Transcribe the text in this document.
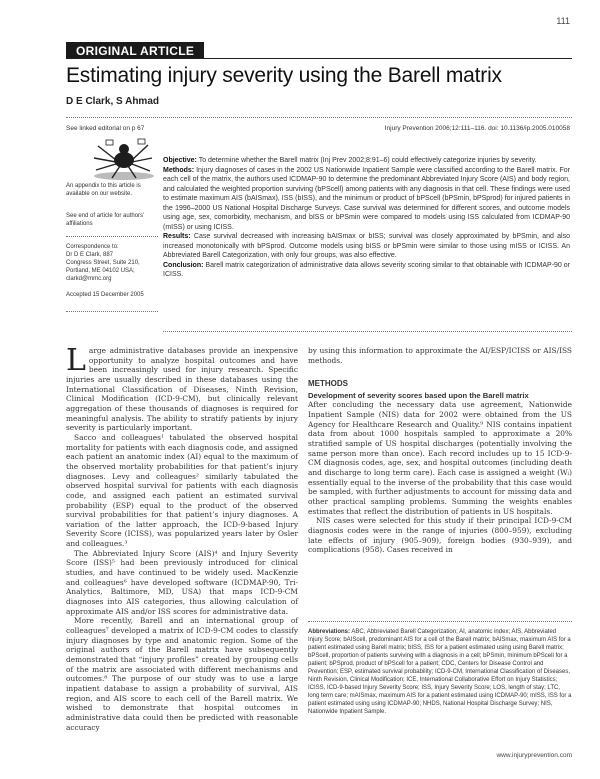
111
ORIGINAL ARTICLE
Estimating injury severity using the Barell matrix
D E Clark, S Ahmad
See linked editorial on p 67	Injury Prevention 2006;12:111–116. doi: 10.1136/ip.2005.010058
An appendix to this article is available on our website.
See end of article for authors’ affiliations
Correspondence to:
Dr D E Clark, 887
Congress Street, Suite 210,
Portland, ME 04102 USA;
clarkd@mmc.org
Accepted 15 December 2005

Objective: To determine whether the Barell matrix (Inj Prev 2002;8:91–6) could effectively categorize injuries by severity.

Methods: Injury diagnoses of cases in the 2002 US Nationwide Inpatient Sample were classified according to the Barell matrix. For each cell of the matrix, the authors used ICDMAP-90 to determine the predominant Abbreviated Injury Score (AIS) and body region, and calculated the weighted proportion surviving (bPScell) among patients with any diagnosis in that cell. These findings were used to estimate maximum AIS (bAISmax), ISS (bISS), and the minimum or product of bPScell (bPSmin, bPSprod) for injured patients in the 1996–2000 US National Hospital Discharge Surveys. Case survival was determined for different scores, and outcome models using age, sex, comorbidity, mechanism, and bISS or bPSmin were compared to models using ISS calculated from ICDMAP-90 (mISS) or using ICISS.

Results: Case survival decreased with increasing bAISmax or bISS; survival was closely approximated by bPSmin, and also increased monotonically with bPSprod. Outcome models using bISS or bPSmin were similar to those using mISS or ICISS. An Abbreviated Barell Categorization, with only four groups, was also effective.

Conclusion: Barell matrix categorization of administrative data allows severity scoring similar to that obtainable with ICDMAP-90 or ICISS.

Large administrative databases provide an inexpensive opportunity to analyze hospital outcomes and have been increasingly used for injury research. Specific injuries are usually described in these databases using the International Classification of Diseases, Ninth Revision, Clinical Modification (ICD-9-CM), but clinically relevant aggregation of these thousands of diagnoses is required for meaningful analysis. The ability to stratify patients by injury severity is particularly important.

Sacco and colleagues¹ tabulated the observed hospital mortality for patients with each diagnosis code, and assigned each patient an anatomic index (AI) equal to the maximum of the observed mortality probabilities for that patient’s injury diagnoses. Levy and colleagues² similarly tabulated the observed hospital survival for patients with each diagnosis code, and assigned each patient an estimated survival probability (ESP) equal to the product of the observed survival probabilities for that patient’s injury diagnoses. A variation of the latter approach, the ICD-9-based Injury Severity Score (ICISS), was popularized years later by Osler and colleagues.³

The Abbreviated Injury Score (AIS)⁴ and Injury Severity Score (ISS)⁵ had been previously introduced for clinical studies, and have continued to be widely used. MacKenzie and colleagues⁶ have developed software (ICDMAP-90, Tri-Analytics, Baltimore, MD, USA) that maps ICD-9-CM diagnoses into AIS categories, thus allowing calculation of approximate AIS and/or ISS scores for administrative data.

More recently, Barell and an international group of colleagues⁷ developed a matrix of ICD-9-CM codes to classify injury diagnoses by type and anatomic region. Some of the original authors of the Barell matrix have subsequently demonstrated that “injury profiles” created by grouping cells of the matrix are associated with different mechanisms and outcomes.⁸ The purpose of our study was to use a large inpatient database to assign a probability of survival, AIS region, and AIS score to each cell of the Barell matrix. We wished to demonstrate that hospital outcomes in administrative data could then be predicted with reasonable accuracy

by using this information to approximate the AI/ESP/ICISS or AIS/ISS methods.

METHODS
Development of severity scores based upon the Barell matrix

After concluding the necessary data use agreement, Nationwide Inpatient Sample (NIS) data for 2002 were obtained from the US Agency for Healthcare Research and Quality.⁹ NIS contains inpatient data from about 1000 hospitals sampled to approximate a 20% stratified sample of US hospital discharges (potentially involving the same person more than once). Each record includes up to 15 ICD-9-CM diagnosis codes, age, sex, and hospital outcomes (including death and discharge to long term care). Each case is assigned a weight (Wᵢ) essentially equal to the inverse of the probability that this case would be sampled, with further adjustments to account for missing data and other practical sampling problems. Summing the weights enables estimates that reflect the distribution of patients in US hospitals.

NIS cases were selected for this study if their principal ICD-9-CM diagnosis codes were in the range of injuries (800–959), excluding late effects of injury (905–909), foreign bodies (930–939), and complications (958). Cases received in

Abbreviations: ABC, Abbreviated Barell Categorization; AI, anatomic index; AIS, Abbreviated Injury Score; bAIScell, predominant AIS for a cell of the Barell matrix; bAISmax, maximum AIS for a patient estimated using Barell matrix; bISS, ISS for a patient estimated using using Barell matrix; bPScell, proportion of patients surviving with a diagnosis in a cell; bPSmin, minimum bPScell for a patient; bPSprod, product of bPScell for a patient; CDC, Centers for Disease Control and Prevention; ESP, estimated survival probability; ICD-9-CM, International Classification of Diseases, Ninth Revision, Clinical Modification; ICE, International Collaborative Effort on Injury Statistics; ICISS, ICD-9-based Injury Severity Score; ISS, Injury Severity Score; LOS, length of stay; LTC, long term care; mAISmax, maximum AIS for a patient estimated using ICDMAP-90; mISS, ISS for a patient estimated using using ICDMAP-90; NHDS, National Hospital Discharge Survey; NIS, Nationwide Inpatient Sample.
www.injuryprevention.com
